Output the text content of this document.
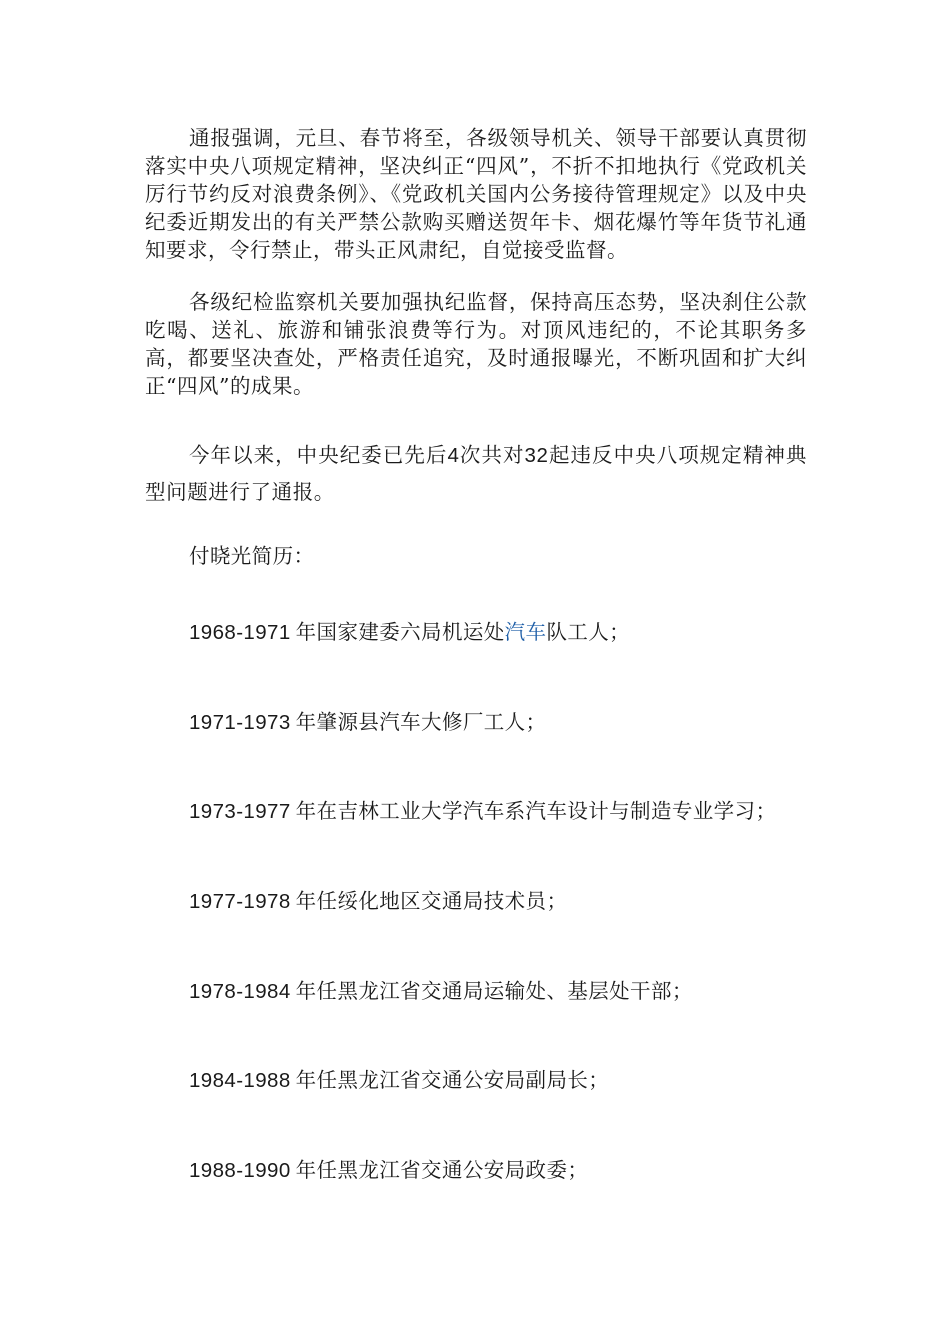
通报强调，元旦、春节将至，各级领导机关、领导干部要认真贯彻落实中央八项规定精神，坚决纠正“四风”，不折不扣地执行《党政机关厉行节约反对浪费条例》、《党政机关国内公务接待管理规定》以及中央纪委近期发出的有关严禁公款购买赠送贺年卡、烟花爆竹等年货节礼通知要求，令行禁止，带头正风肃纪，自觉接受监督。

各级纪检监察机关要加强执纪监督，保持高压态势，坚决刹住公款吃喝、送礼、旅游和铺张浪费等行为。对顶风违纪的，不论其职务多高，都要坚决查处，严格责任追究，及时通报曝光，不断巩固和扩大纠正“四风”的成果。

今年以来，中央纪委已先后4次共对32起违反中央八项规定精神典型问题进行了通报。

付晓光简历：

1968-1971 年国家建委六局机运处汽车队工人；

1971-1973 年肇源县汽车大修厂工人；

1973-1977 年在吉林工业大学汽车系汽车设计与制造专业学习；

1977-1978 年任绥化地区交通局技术员；

1978-1984 年任黑龙江省交通局运输处、基层处干部；

1984-1988 年任黑龙江省交通公安局副局长；

1988-1990 年任黑龙江省交通公安局政委；
